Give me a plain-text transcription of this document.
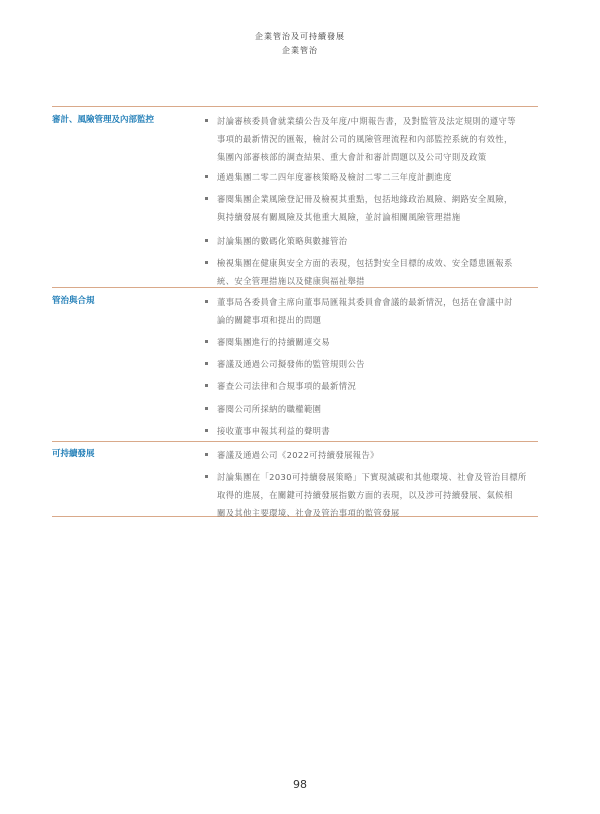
企業管治及可持續發展
企業管治
審計、風險管理及內部監控	討論審核委員會就業績公告及年度/中期報告書，及對監管及法定規則的遵守等
事項的最新情況的匯報，檢討公司的風險管理流程和內部監控系統的有效性，
集團內部審核部的調查結果、重大會計和審計問題以及公司守則及政策
通過集團二零二四年度審核策略及檢討二零二三年度計劃進度
審閱集團企業風險登記冊及檢視其重點，包括地緣政治風險、網路安全風險，
與持續發展有關風險及其他重大風險，並討論相關風險管理措施
討論集團的數碼化策略與數據管治
檢視集團在健康與安全方面的表現，包括對安全目標的成效、安全隱患匯報系
統、安全管理措施以及健康與福祉舉措
管治與合規	董事局各委員會主席向董事局匯報其委員會會議的最新情況，包括在會議中討
論的關鍵事項和提出的問題
審閱集團進行的持續關連交易
審議及通過公司擬發佈的監管規則公告
審查公司法律和合規事項的最新情況
審閱公司所採納的職權範圍
接收董事申報其利益的聲明書
可持續發展	審議及通過公司《2022可持續發展報告》
討論集團在「2030可持續發展策略」下實現減碳和其他環境、社會及管治目標所
取得的進展，在關鍵可持續發展指數方面的表現，以及涉可持續發展、氣候相
關及其他主要環境、社會及管治事項的監管發展
98
